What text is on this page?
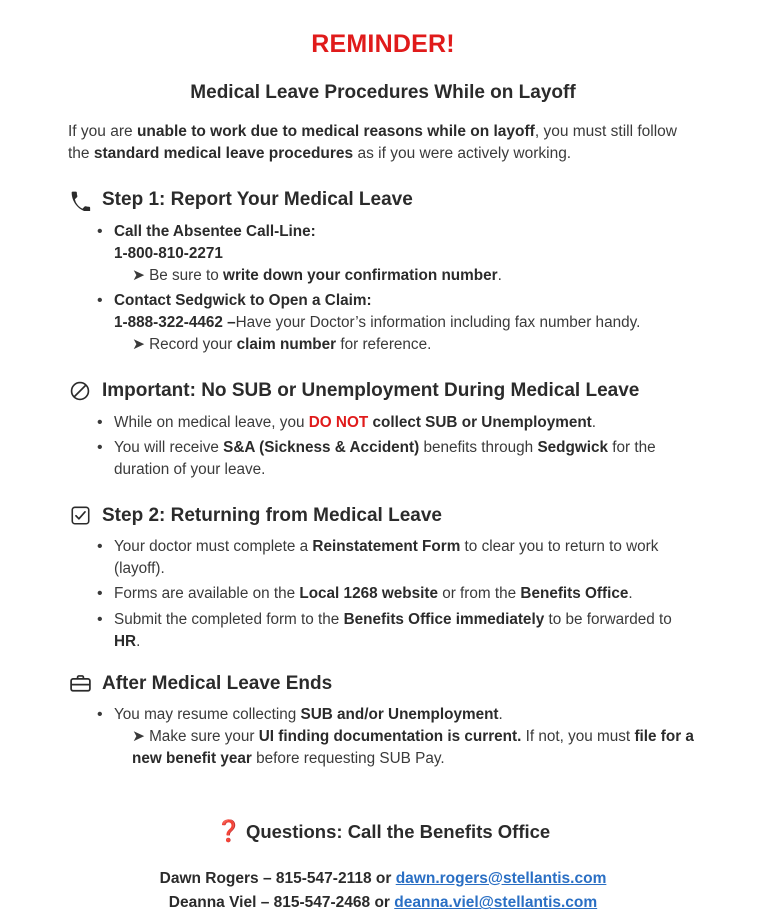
REMINDER!
Medical Leave Procedures While on Layoff

If you are unable to work due to medical reasons while on layoff, you must still follow the standard medical leave procedures as if you were actively working.

Step 1: Report Your Medical Leave
• Call the Absentee Call-Line:
1-800-810-2271
➤ Be sure to write down your confirmation number.
• Contact Sedgwick to Open a Claim:
1-888-322-4462 –Have your Doctor’s information including fax number handy.
➤ Record your claim number for reference.
Important: No SUB or Unemployment During Medical Leave
• While on medical leave, you DO NOT collect SUB or Unemployment.
• You will receive S&A (Sickness & Accident) benefits through Sedgwick for the duration of your leave.
Step 2: Returning from Medical Leave
• Your doctor must complete a Reinstatement Form to clear you to return to work (layoff).
• Forms are available on the Local 1268 website or from the Benefits Office.
• Submit the completed form to the Benefits Office immediately to be forwarded to HR.
After Medical Leave Ends
• You may resume collecting SUB and/or Unemployment.
➤ Make sure your UI finding documentation is current. If not, you must file for a new benefit year before requesting SUB Pay.
❓ Questions: Call the Benefits Office
Dawn Rogers – 815-547-2118 or dawn.rogers@stellantis.com
Deanna Viel – 815-547-2468 or deanna.viel@stellantis.com
